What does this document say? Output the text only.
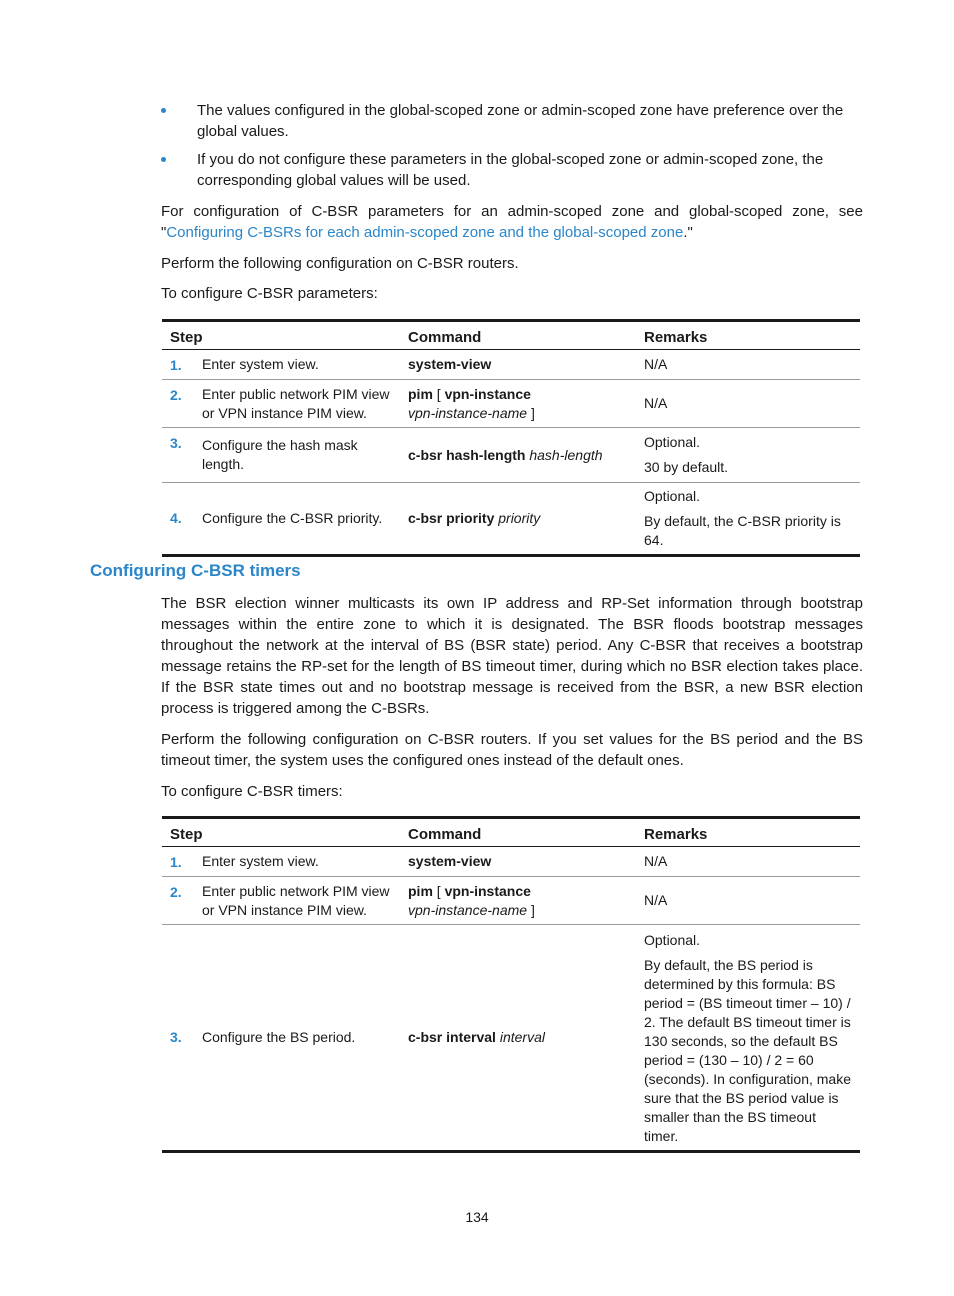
The values configured in the global-scoped zone or admin-scoped zone have preference over the global values.
If you do not configure these parameters in the global-scoped zone or admin-scoped zone, the corresponding global values will be used.

For configuration of C-BSR parameters for an admin-scoped zone and global-scoped zone, see "Configuring C-BSRs for each admin-scoped zone and the global-scoped zone."

Perform the following configuration on C-BSR routers.

To configure C-BSR parameters:

Step		Command	Remarks
1.	Enter system view.	system-view	N/A

2.	Enter public network PIM view or VPN instance PIM view.	pim [ vpn-instance
vpn-instance-name ]	N/A

3.	Configure the hash mask length.	c-bsr hash-length hash-length	Optional.

30 by default.

4.	Configure the C-BSR priority.	c-bsr priority priority	Optional.

By default, the C-BSR priority is 64.

Configuring C-BSR timers

The BSR election winner multicasts its own IP address and RP-Set information through bootstrap messages within the entire zone to which it is designated. The BSR floods bootstrap messages throughout the network at the interval of BS (BSR state) period. Any C-BSR that receives a bootstrap message retains the RP-set for the length of BS timeout timer, during which no BSR election takes place. If the BSR state times out and no bootstrap message is received from the BSR, a new BSR election process is triggered among the C-BSRs.

Perform the following configuration on C-BSR routers. If you set values for the BS period and the BS timeout timer, the system uses the configured ones instead of the default ones.

To configure C-BSR timers:

Step		Command	Remarks
1.	Enter system view.	system-view	N/A

2.	Enter public network PIM view or VPN instance PIM view.	pim [ vpn-instance
vpn-instance-name ]	N/A

3.	Configure the BS period.	c-bsr interval interval	Optional.

By default, the BS period is determined by this formula: BS period = (BS timeout timer – 10) / 2. The default BS timeout timer is 130 seconds, so the default BS period = (130 – 10) / 2 = 60 (seconds). In configuration, make sure that the BS period value is smaller than the BS timeout timer.

134
